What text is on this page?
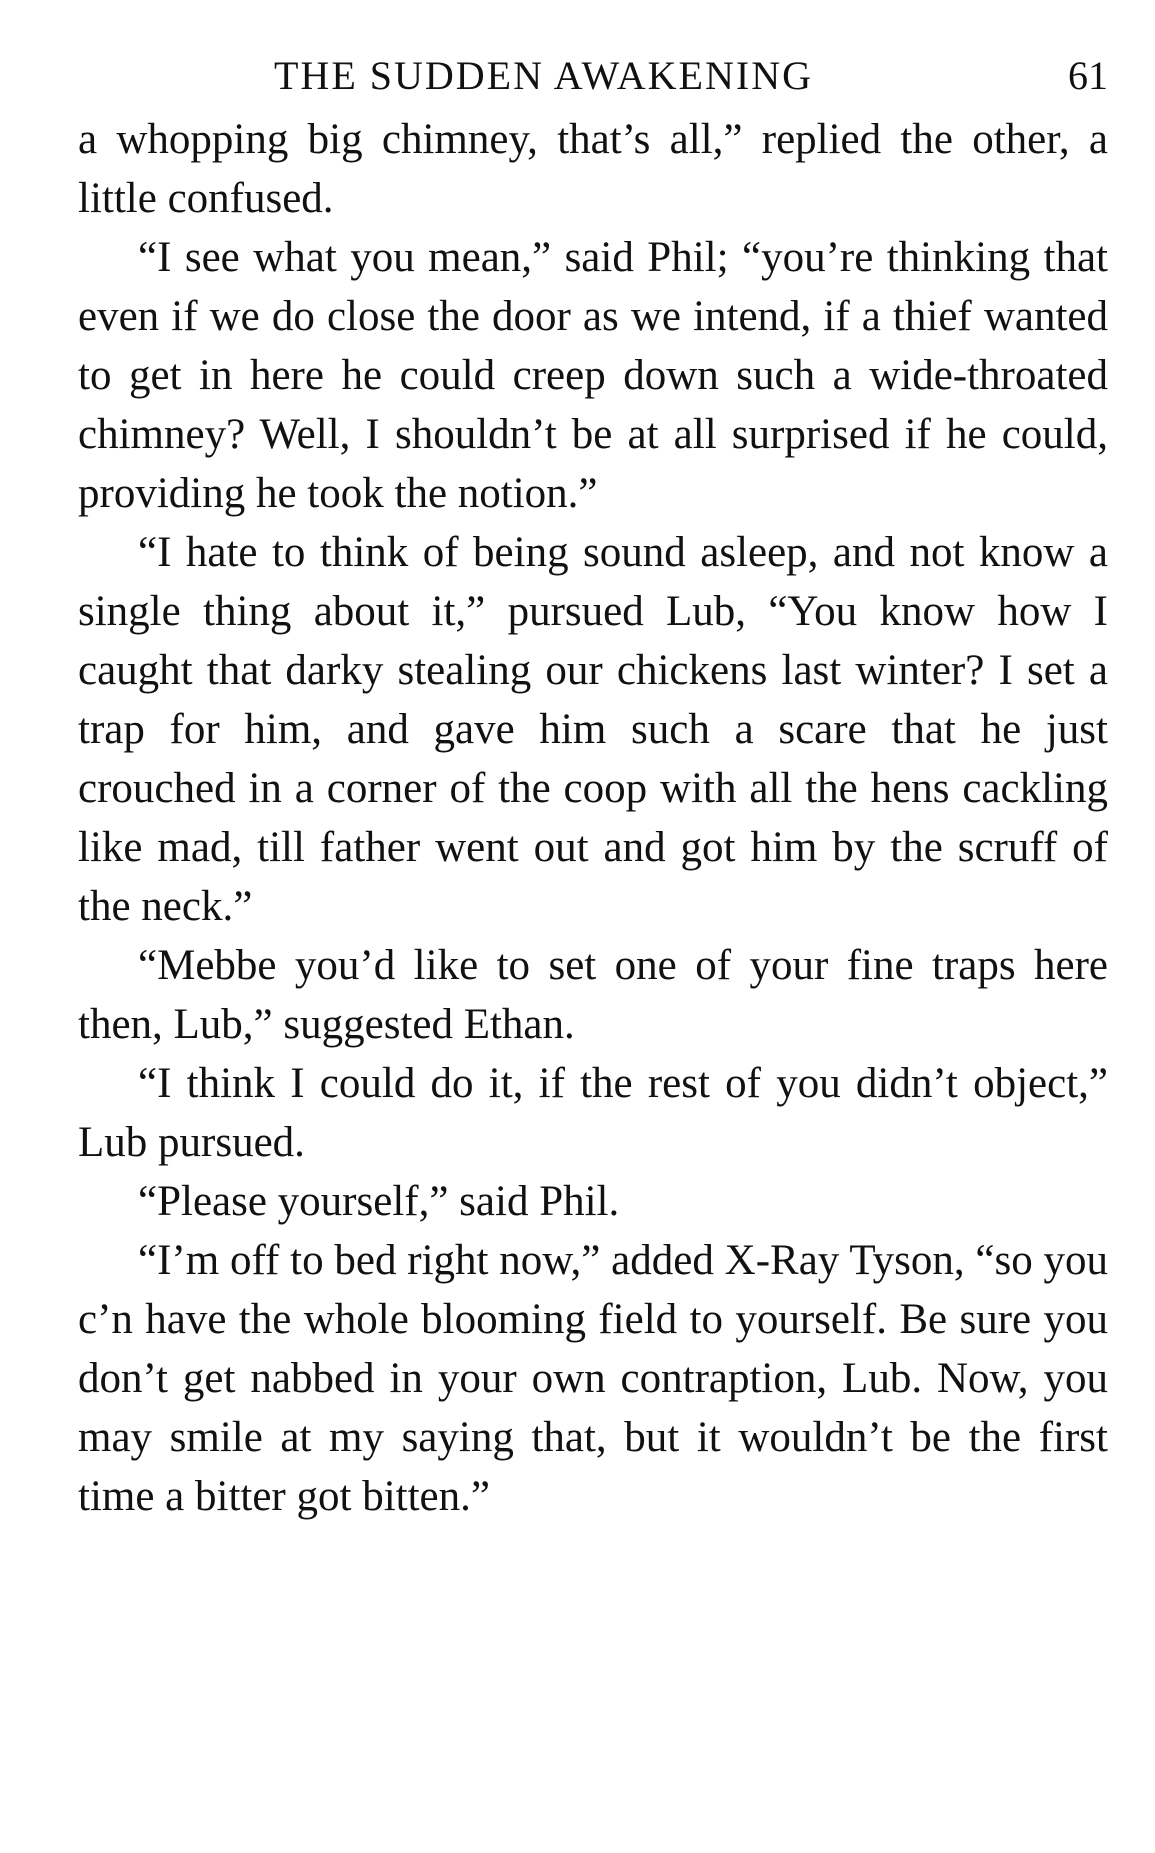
THE SUDDEN AWAKENING	61

a whopping big chimney, that’s all,” replied the other, a little confused.

“I see what you mean,” said Phil; “you’re thinking that even if we do close the door as we intend, if a thief wanted to get in here he could creep down such a wide-throated chimney? Well, I shouldn’t be at all surprised if he could, providing he took the notion.”

“I hate to think of being sound asleep, and not know a single thing about it,” pursued Lub, “You know how I caught that darky stealing our chickens last winter? I set a trap for him, and gave him such a scare that he just crouched in a corner of the coop with all the hens cackling like mad, till father went out and got him by the scruff of the neck.”

“Mebbe you’d like to set one of your fine traps here then, Lub,” suggested Ethan.

“I think I could do it, if the rest of you didn’t object,” Lub pursued.

“Please yourself,” said Phil.

“I’m off to bed right now,” added X-Ray Tyson, “so you c’n have the whole blooming field to yourself. Be sure you don’t get nabbed in your own contraption, Lub. Now, you may smile at my saying that, but it wouldn’t be the first time a bitter got bitten.”
